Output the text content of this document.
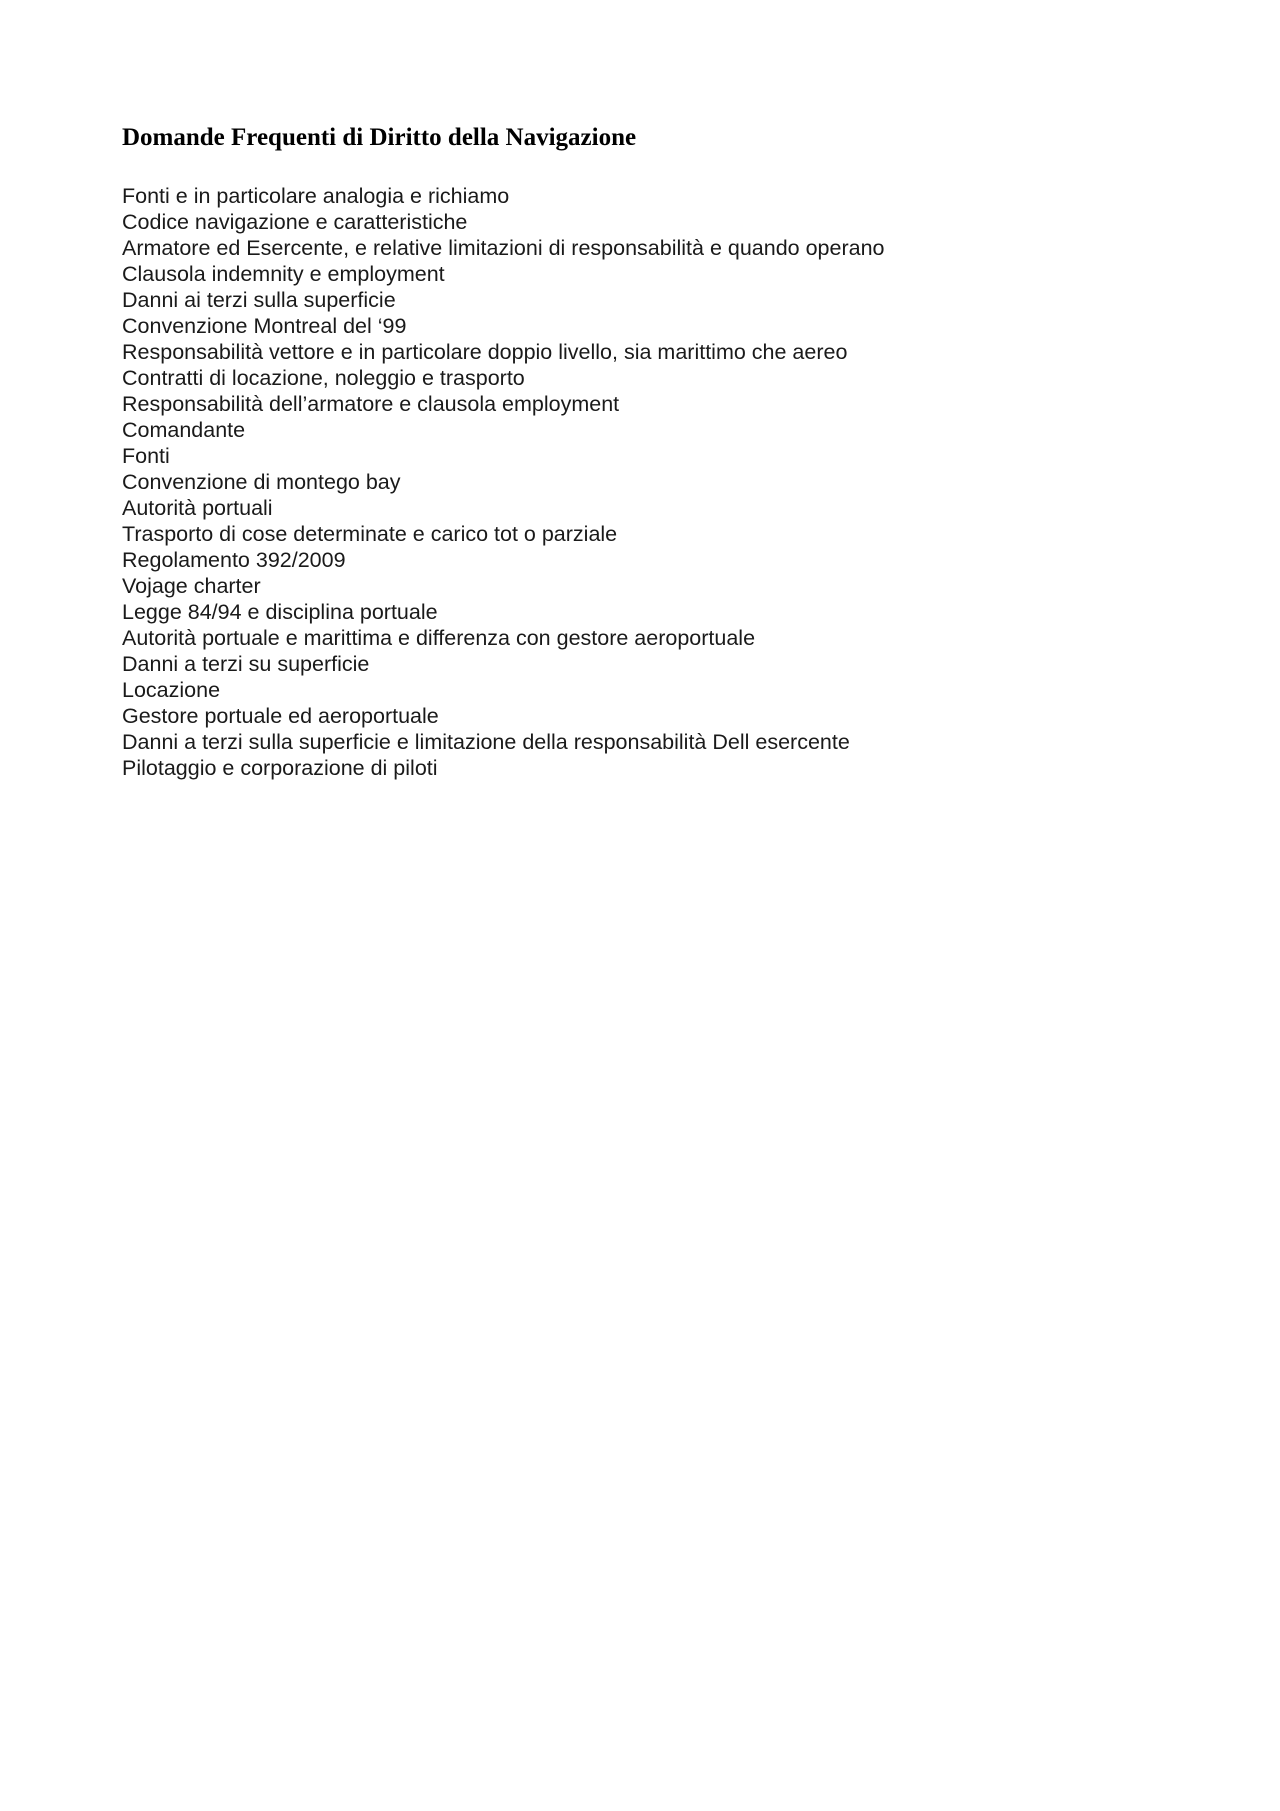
Domande Frequenti di Diritto della Navigazione
Fonti e in particolare analogia e richiamo
Codice navigazione e caratteristiche
Armatore ed Esercente, e relative limitazioni di responsabilità e quando operano
Clausola indemnity e employment
Danni ai terzi sulla superficie
Convenzione Montreal del ‘99
Responsabilità vettore e in particolare doppio livello, sia marittimo che aereo
Contratti di locazione, noleggio e trasporto
Responsabilità dell’armatore e clausola employment
Comandante
Fonti
Convenzione di montego bay
Autorità portuali
Trasporto di cose determinate e carico tot o parziale
Regolamento 392/2009
Vojage charter
Legge 84/94 e disciplina portuale
Autorità portuale e marittima e differenza con gestore aeroportuale
Danni a terzi su superficie
Locazione
Gestore portuale ed aeroportuale
Danni a terzi sulla superficie e limitazione della responsabilità Dell esercente
Pilotaggio e corporazione di piloti
